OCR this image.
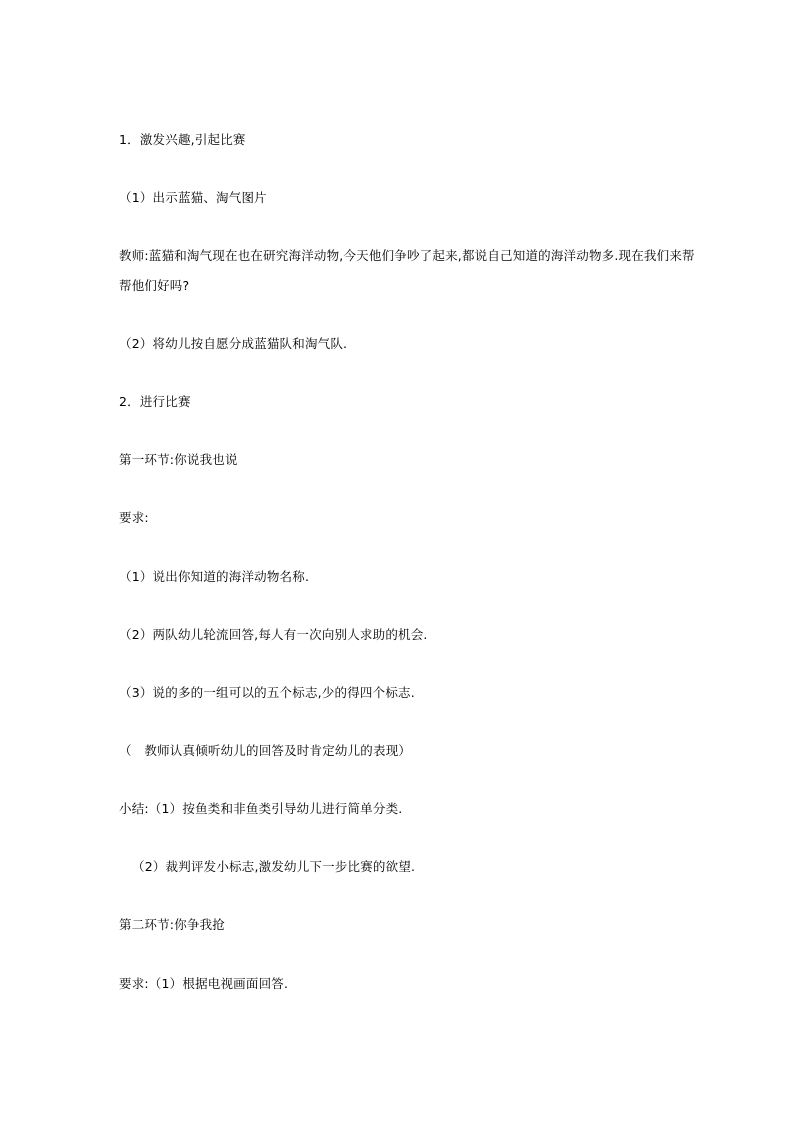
1．激发兴趣,引起比赛
（1）出示蓝猫、淘气图片
教师:蓝猫和淘气现在也在研究海洋动物,今天他们争吵了起来,都说自己知道的海洋动物多.现在我们来帮
帮他们好吗?
（2）将幼儿按自愿分成蓝猫队和淘气队.
2．进行比赛
第一环节:你说我也说
要求:
（1）说出你知道的海洋动物名称.
（2）两队幼儿轮流回答,每人有一次向别人求助的机会.
（3）说的多的一组可以的五个标志,少的得四个标志.
（　教师认真倾听幼儿的回答及时肯定幼儿的表现）
小结:（1）按鱼类和非鱼类引导幼儿进行简单分类.
（2）裁判评发小标志,激发幼儿下一步比赛的欲望.
第二环节:你争我抢
要求:（1）根据电视画面回答.
